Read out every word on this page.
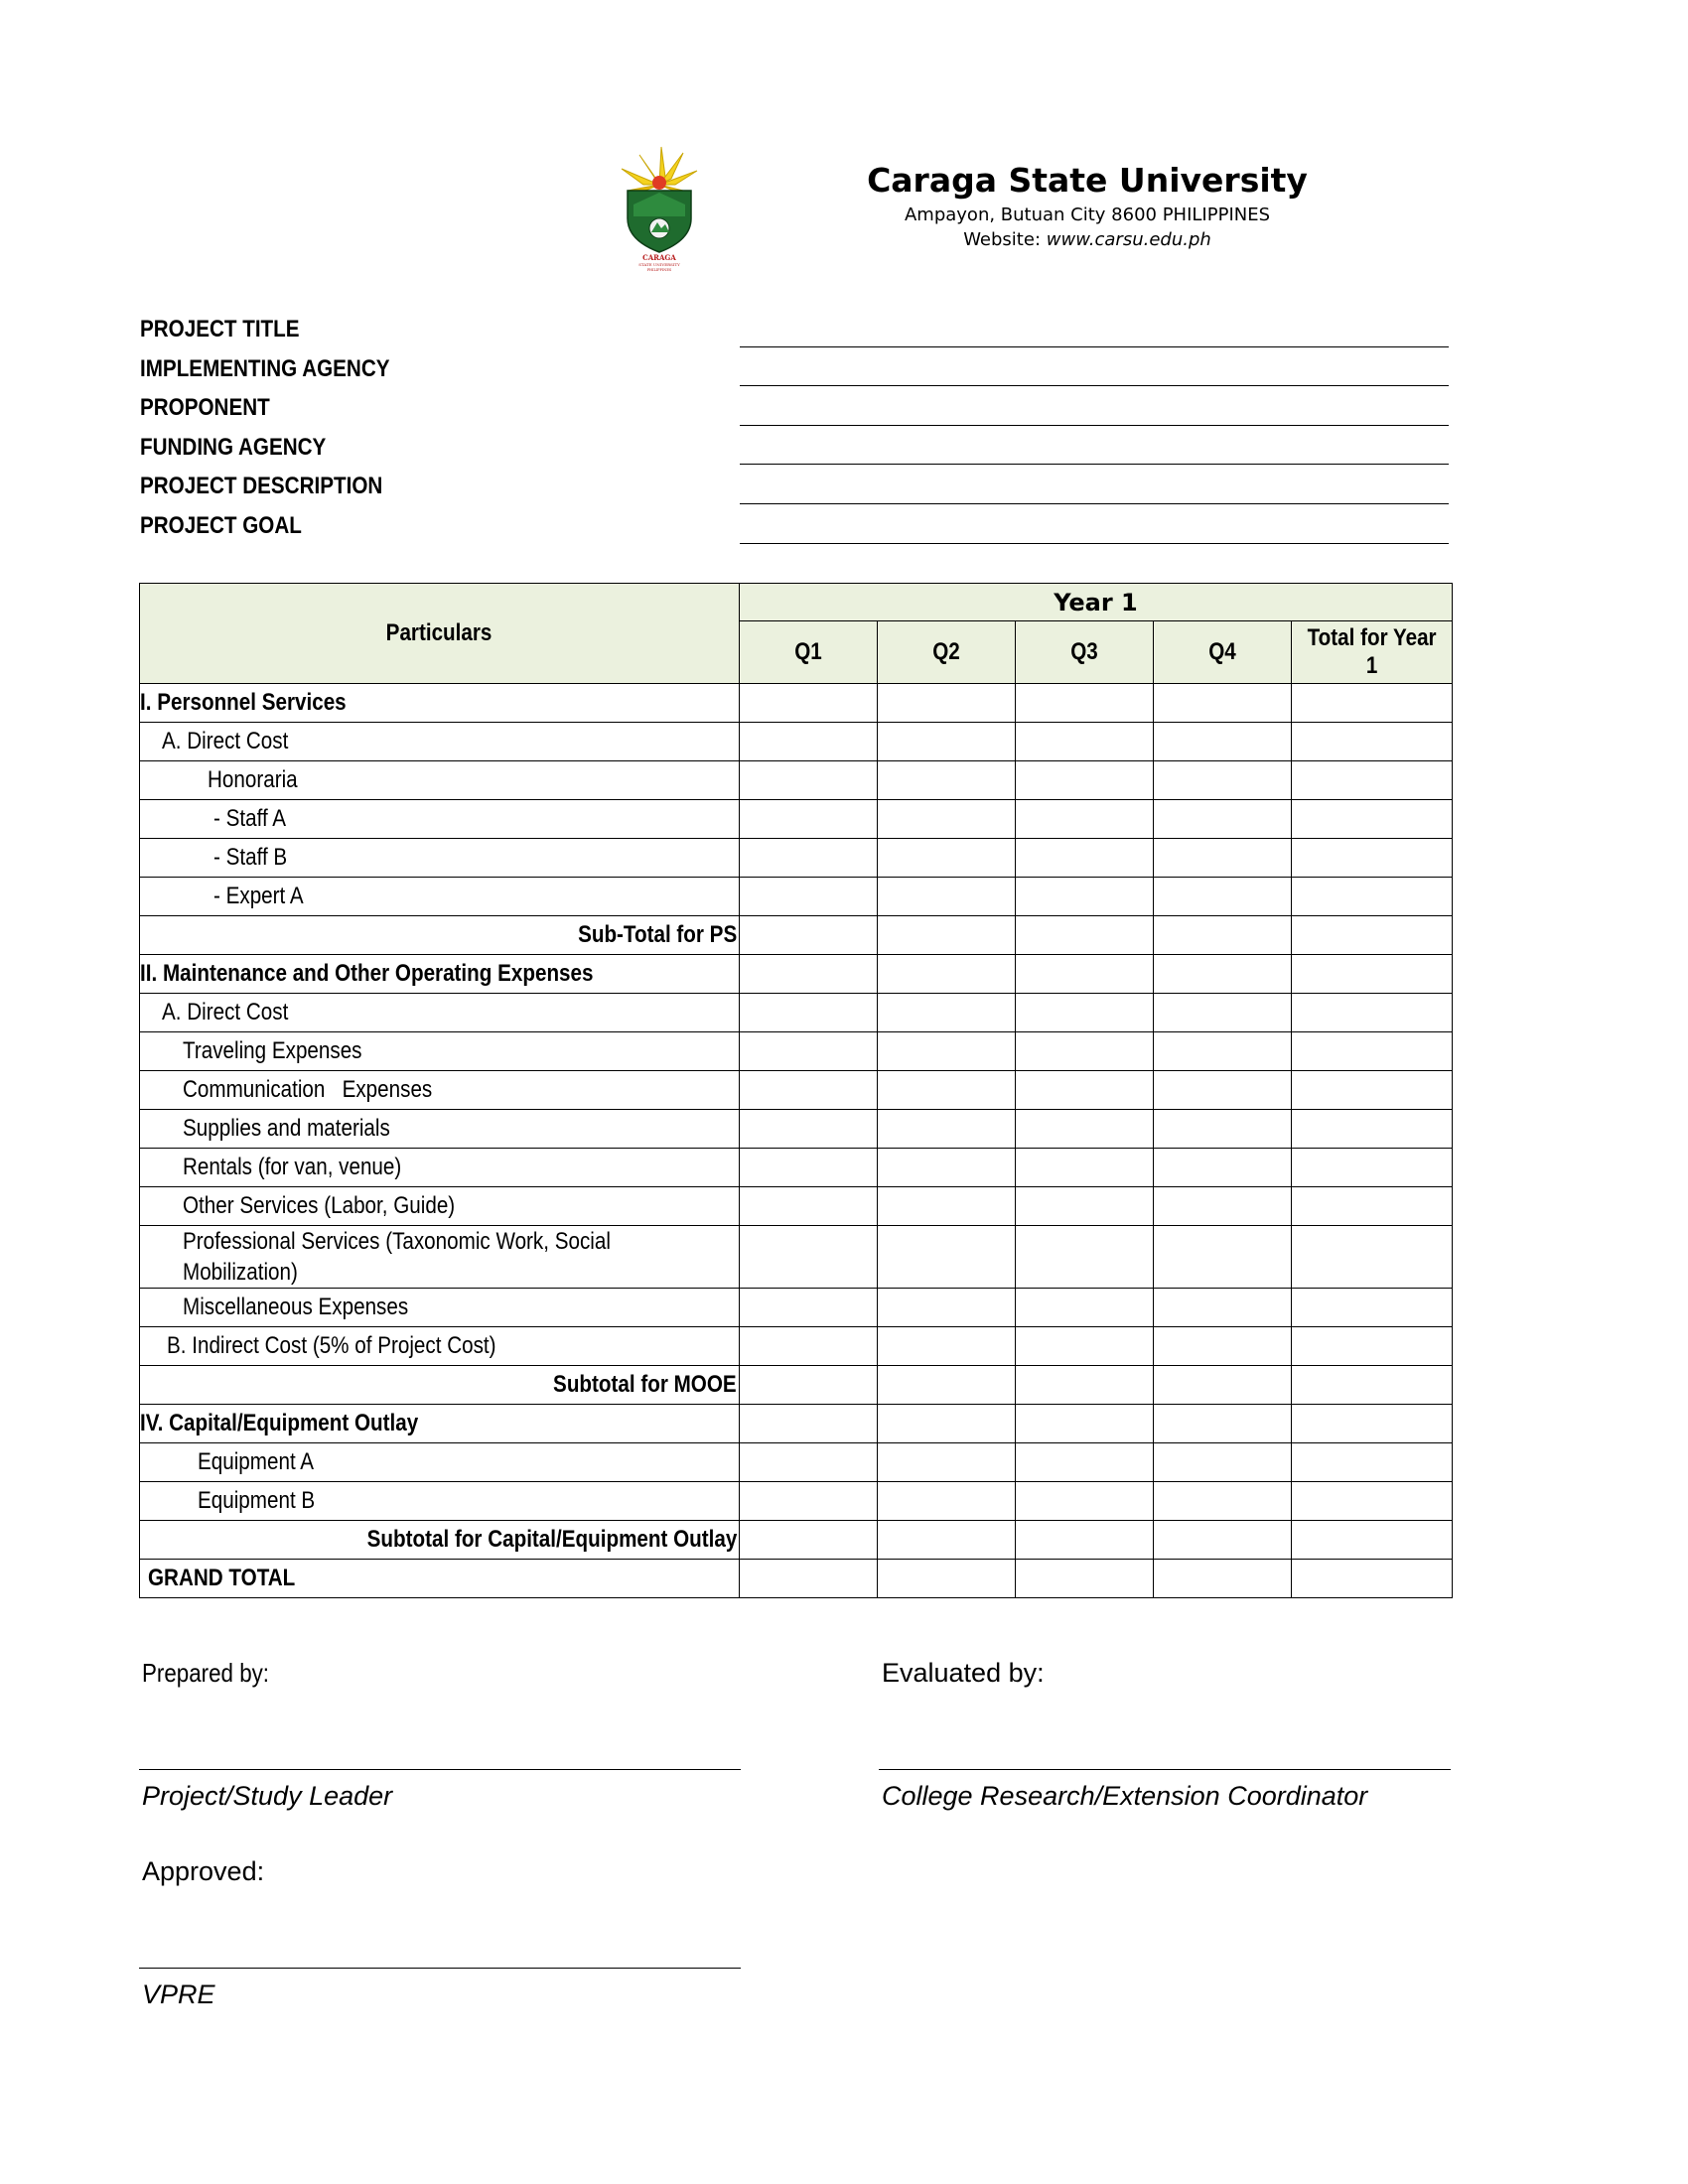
CARAGA
STATE UNIVERSITY
PHILIPPINES
Caraga State University
Ampayon, Butuan City 8600 PHILIPPINES
Website: www.carsu.edu.ph
PROJECT TITLE
IMPLEMENTING AGENCY
PROPONENT
FUNDING AGENCY
PROJECT DESCRIPTION
PROJECT GOAL
Particulars	Year 1				
	Q1	Q2	Q3	Q4	Total for Year
1
I. Personnel Services					
A. Direct Cost					
Honoraria					
- Staff A					
- Staff B					
- Expert A					
Sub-Total for PS					
II. Maintenance and Other Operating Expenses					
A. Direct Cost					
Traveling Expenses					
Communication   Expenses					
Supplies and materials					
Rentals (for van, venue)					
Other Services (Labor, Guide)					

Professional Services (Taxonomic Work, Social Mobilization)					

Miscellaneous Expenses					
B. Indirect Cost (5% of Project Cost)					
Subtotal for MOOE					
IV. Capital/Equipment Outlay					
Equipment A					
Equipment B					
Subtotal for Capital/Equipment Outlay					
GRAND TOTAL					
Prepared by:
Project/Study Leader
Evaluated by:
College Research/Extension Coordinator
Approved:
VPRE
